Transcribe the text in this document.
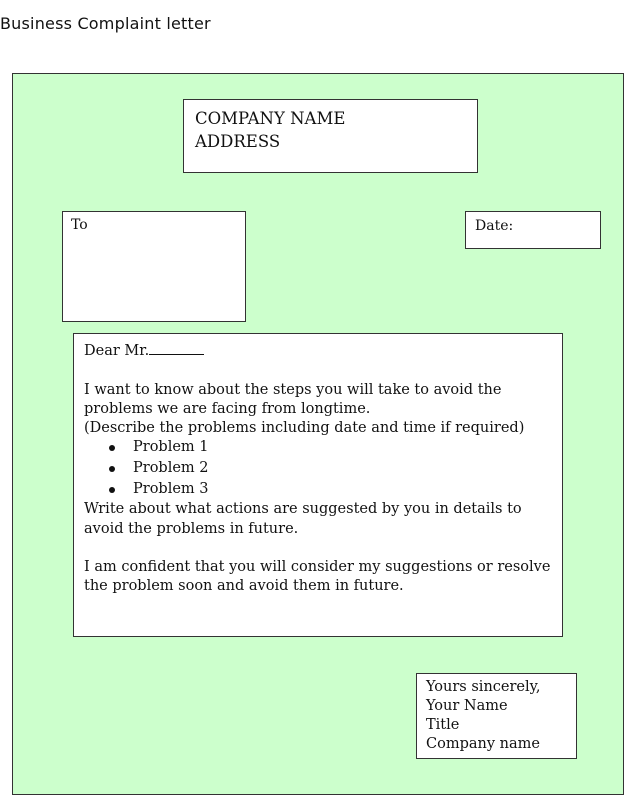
Business Complaint letter
COMPANY NAME
ADDRESS
To	Date:

Dear Mr.

I want to know about the steps you will take to avoid the problems we are facing from longtime.

(Describe the problems including date and time if required)

Problem 1
Problem 2
Problem 3

Write about what actions are suggested by you in details to avoid the problems in future.

I am confident that you will consider my suggestions or resolve the problem soon and avoid them in future.

Yours sincerely,
Your Name
Title
Company name
